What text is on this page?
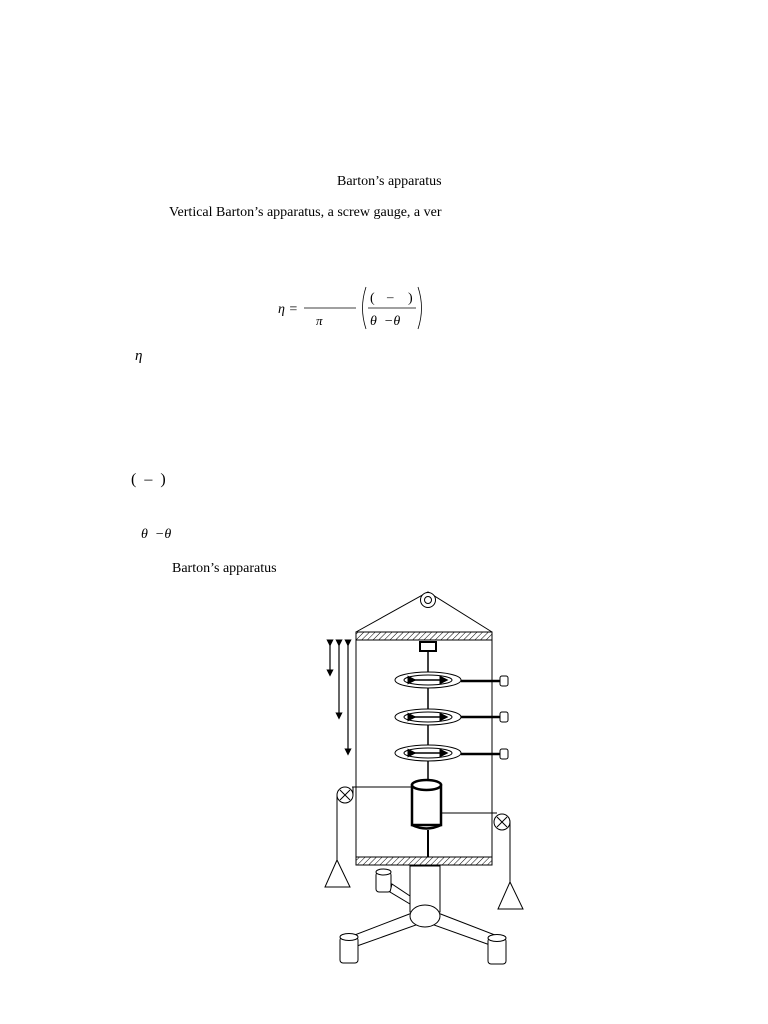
Barton’s apparatus
Vertical Barton’s apparatus, a screw gauge, a ver
η =
π
( – )
θ  −θ
η
(  –  )
θ  −θ
Barton’s apparatus
